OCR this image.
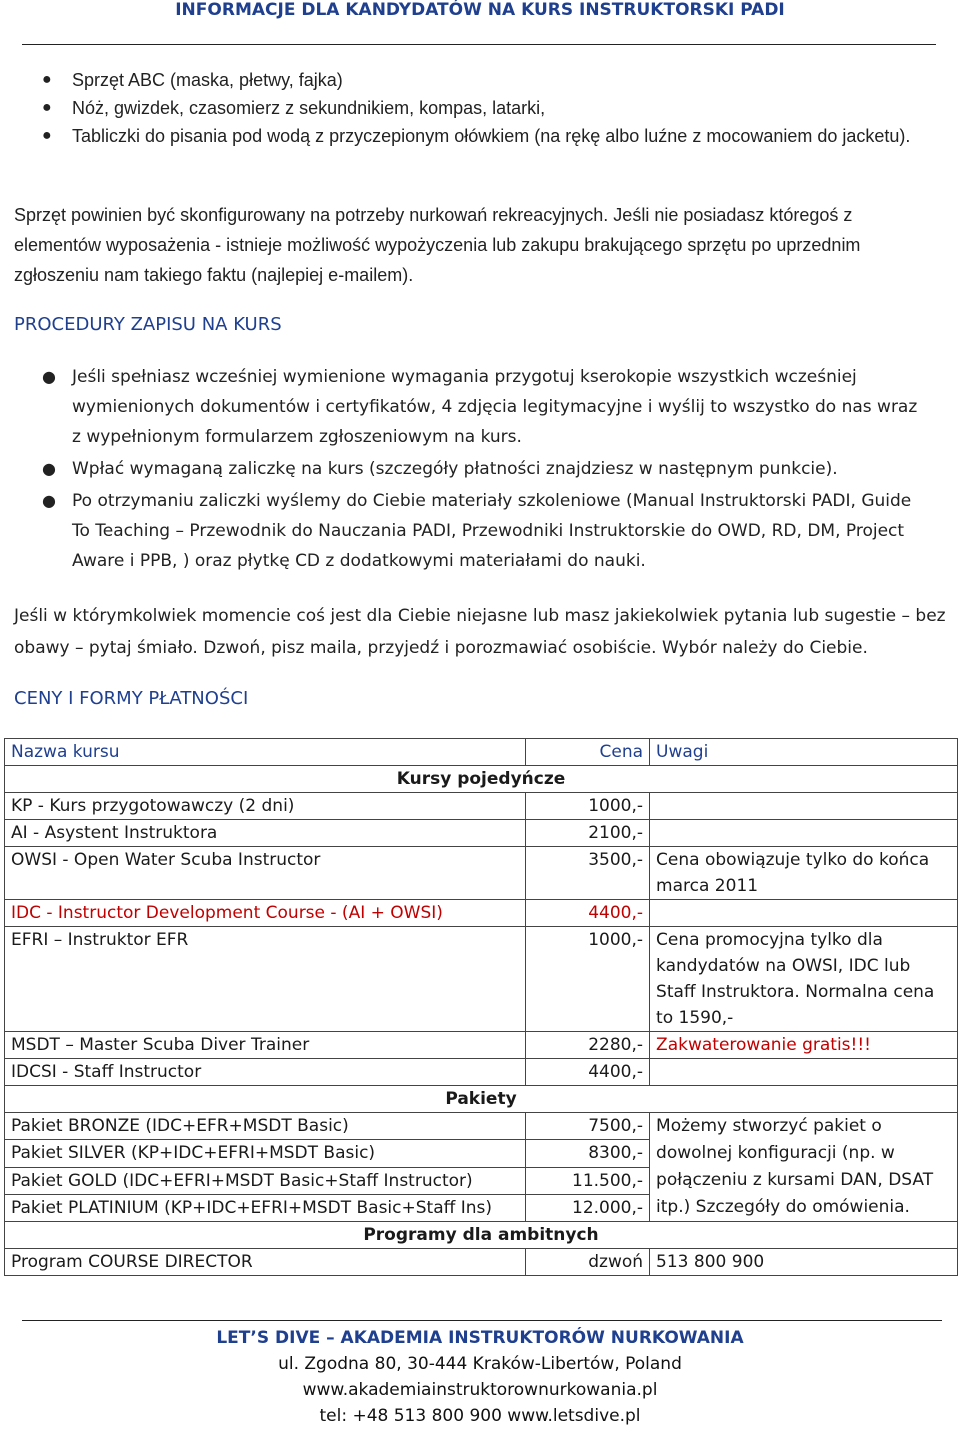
INFORMACJE DLA KANDYDATÓW NA KURS INSTRUKTORSKI PADI
● Sprzęt ABC (maska, płetwy, fajka)
● Nóż, gwizdek, czasomierz z sekundnikiem, kompas, latarki,
● Tabliczki do pisania pod wodą z przyczepionym ołówkiem (na rękę albo luźne z mocowaniem do jacketu).
Sprzęt powinien być skonfigurowany na potrzeby nurkowań rekreacyjnych. Jeśli nie posiadasz któregoś z elementów wyposażenia - istnieje możliwość wypożyczenia lub zakupu brakującego sprzętu po uprzednim zgłoszeniu nam takiego faktu (najlepiej e-mailem).
PROCEDURY ZAPISU NA KURS
● Jeśli spełniasz wcześniej wymienione wymagania przygotuj kserokopie wszystkich wcześniej wymienionych dokumentów i certyfikatów, 4 zdjęcia legitymacyjne i wyślij to wszystko do nas wraz z wypełnionym formularzem zgłoszeniowym na kurs.
● Wpłać wymaganą zaliczkę na kurs (szczegóły płatności znajdziesz w następnym punkcie).
● Po otrzymaniu zaliczki wyślemy do Ciebie materiały szkoleniowe (Manual Instruktorski PADI, Guide To Teaching – Przewodnik do Nauczania PADI, Przewodniki Instruktorskie do OWD, RD, DM, Project Aware i PPB, ) oraz płytkę CD z dodatkowymi materiałami do nauki.
Jeśli w którymkolwiek momencie coś jest dla Ciebie niejasne lub masz jakiekolwiek pytania lub sugestie – bez obawy – pytaj śmiało. Dzwoń, pisz maila, przyjedź i porozmawiać osobiście. Wybór należy do Ciebie.
CENY I FORMY PŁATNOŚCI
Nazwa kursu	Cena	Uwagi
Kursy pojedyńcze		
KP - Kurs przygotowawczy (2 dni)	1000,-	
AI - Asystent Instruktora	2100,-	
OWSI - Open Water Scuba Instructor	3500,-	Cena obowiązuje tylko do końca marca 2011
IDC - Instructor Development Course - (AI + OWSI)	4400,-	
EFRI – Instruktor EFR	1000,-	Cena promocyjna tylko dla kandydatów na OWSI, IDC lub Staff Instruktora. Normalna cena to 1590,-
MSDT – Master Scuba Diver Trainer	2280,-	Zakwaterowanie gratis!!!
IDCSI - Staff Instructor	4400,-	
Pakiety		
Pakiet BRONZE (IDC+EFR+MSDT Basic)	7500,-	Możemy stworzyć pakiet o dowolnej konfiguracji (np. w połączeniu z kursami DAN, DSAT itp.) Szczegóły do omówienia.
Pakiet SILVER (KP+IDC+EFRI+MSDT Basic)	8300,-	
Pakiet GOLD (IDC+EFRI+MSDT Basic+Staff Instructor)	11.500,-	
Pakiet PLATINIUM (KP+IDC+EFRI+MSDT Basic+Staff Ins)	12.000,-	
Programy dla ambitnych		
Program COURSE DIRECTOR	dzwoń	513 800 900
LET’S DIVE – AKADEMIA INSTRUKTORÓW NURKOWANIA
ul. Zgodna 80, 30-444 Kraków-Libertów, Poland
www.akademiainstruktorownurkowania.pl
tel: +48 513 800 900 www.letsdive.pl
